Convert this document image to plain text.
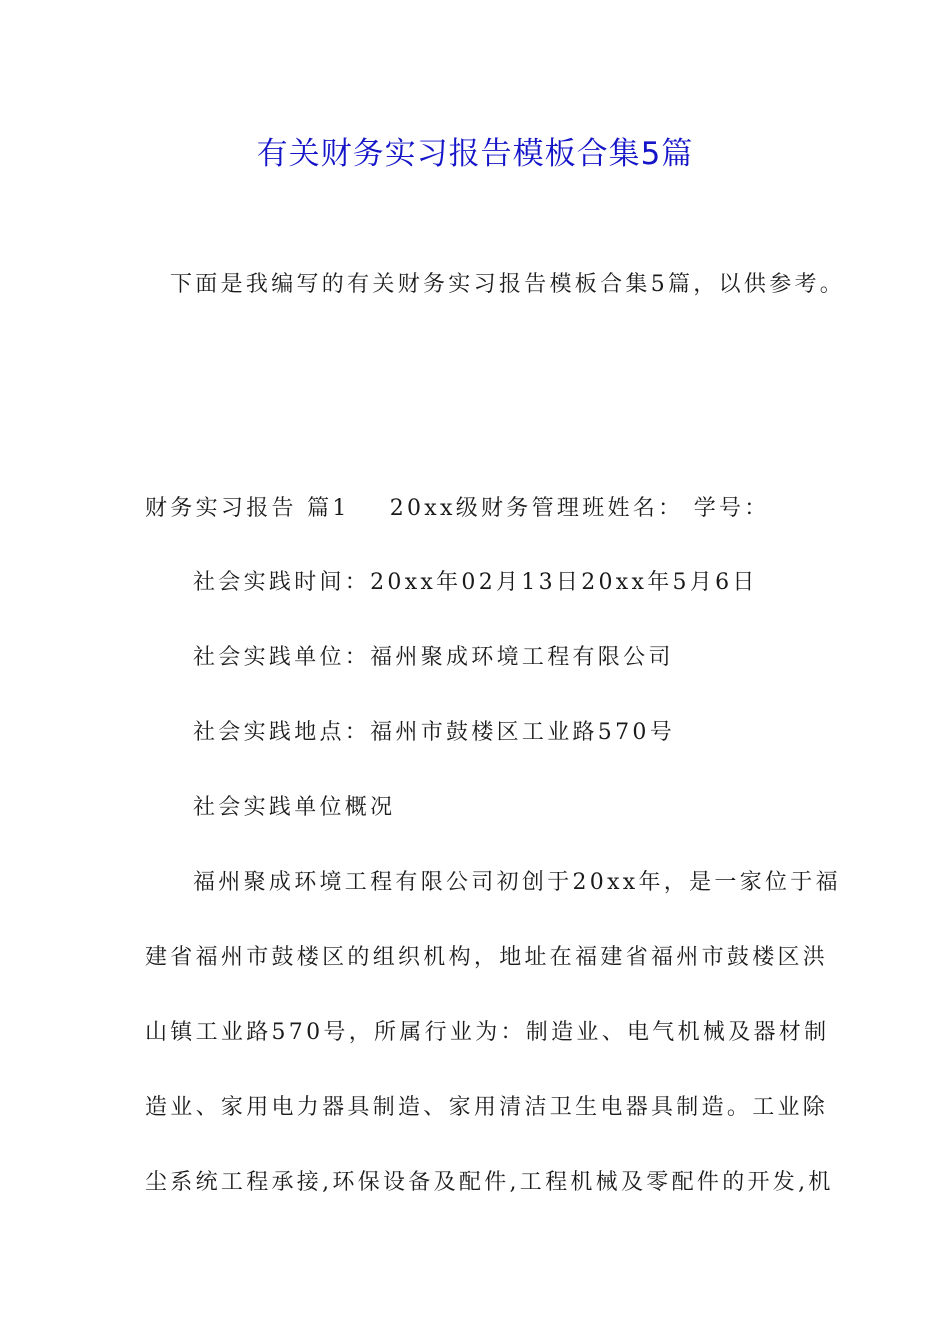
有关财务实习报告模板合集5篇
下面是我编写的有关财务实习报告模板合集5篇，以供参考。
财务实习报告 篇1 20xx级财务管理班姓名： 学号：
社会实践时间：20xx年02月13日20xx年5月6日
社会实践单位：福州聚成环境工程有限公司
社会实践地点：福州市鼓楼区工业路570号
社会实践单位概况
福州聚成环境工程有限公司初创于20xx年，是一家位于福
建省福州市鼓楼区的组织机构，地址在福建省福州市鼓楼区洪
山镇工业路570号，所属行业为：制造业、电气机械及器材制
造业、家用电力器具制造、家用清洁卫生电器具制造。工业除
尘系统工程承接,环保设备及配件,工程机械及零配件的开发,机
